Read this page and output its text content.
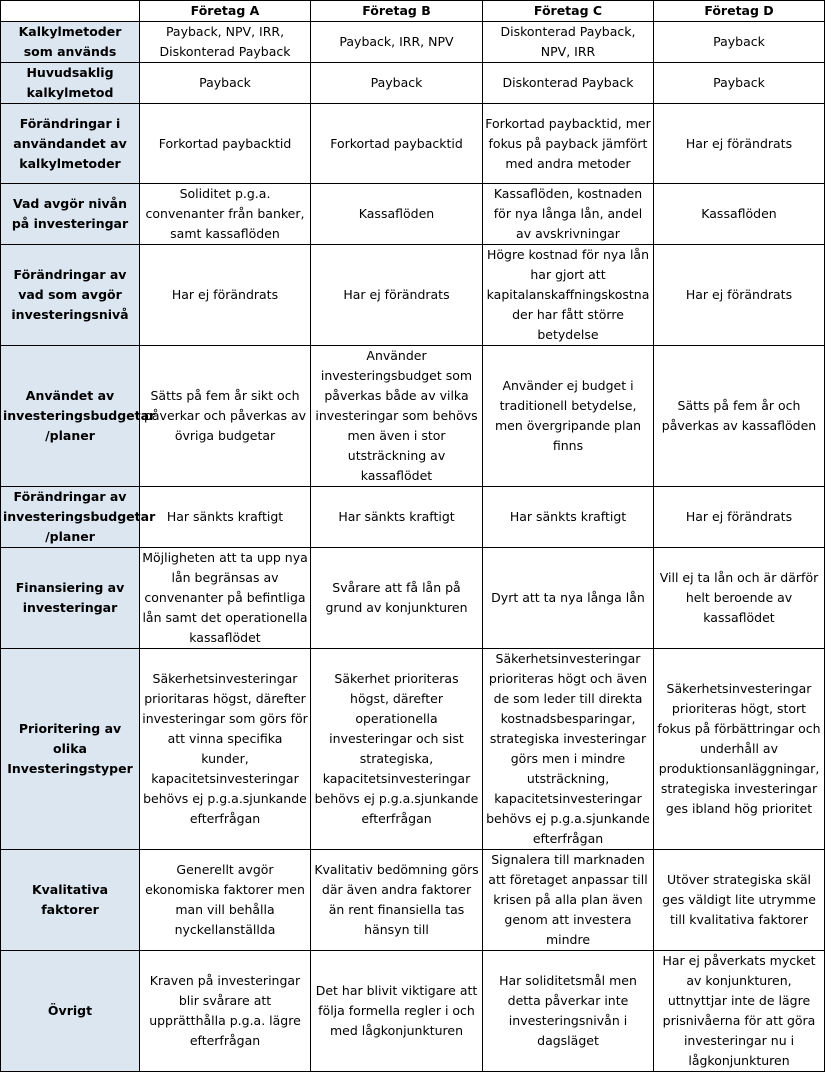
	Företag A	Företag B	Företag C	Företag D
Kalkylmetoder som används	Payback, NPV, IRR, Diskonterad Payback	Payback, IRR, NPV	Diskonterad Payback, NPV, IRR	Payback
Huvudsaklig kalkylmetod	Payback	Payback	Diskonterad Payback	Payback
Förändringar i användandet av kalkylmetoder	Forkortad paybacktid	Forkortad paybacktid	Forkortad paybacktid, mer fokus på payback jämfört med andra metoder	Har ej förändrats
Vad avgör nivån på investeringar	Soliditet p.g.a. convenanter från banker, samt kassaflöden	Kassaflöden	Kassaflöden, kostnaden för nya långa lån, andel av avskrivningar	Kassaflöden
Förändringar av vad som avgör investeringsnivå	Har ej förändrats	Har ej förändrats	Högre kostnad för nya lån har gjort att kapitalanskaffningskostna der har fått större betydelse	Har ej förändrats
Användet av investeringsbudgetar /planer	Sätts på fem år sikt och påverkar och påverkas av övriga budgetar	Använder investeringsbudget som påverkas både av vilka investeringar som behövs men även i stor utsträckning av kassaflödet	Använder ej budget i traditionell betydelse, men övergripande plan finns	Sätts på fem år och påverkas av kassaflöden
Förändringar av investeringsbudgetar /planer	Har sänkts kraftigt	Har sänkts kraftigt	Har sänkts kraftigt	Har ej förändrats
Finansiering av investeringar	Möjligheten att ta upp nya lån begränsas av convenanter på befintliga lån samt det operationella kassaflödet	Svårare att få lån på grund av konjunkturen	Dyrt att ta nya långa lån	Vill ej ta lån och är därför helt beroende av kassaflödet
Prioritering av olika Investeringstyper	Säkerhetsinvesteringar prioritaras högst, därefter investeringar som görs för att vinna specifika kunder, kapacitetsinvesteringar behövs ej p.g.a.sjunkande efterfrågan	Säkerhet prioriteras högst, därefter operationella investeringar och sist strategiska, kapacitetsinvesteringar behövs ej p.g.a.sjunkande efterfrågan	Säkerhetsinvesteringar prioriteras högt och även de som leder till direkta kostnadsbesparingar, strategiska investeringar görs men i mindre utsträckning, kapacitetsinvesteringar behövs ej p.g.a.sjunkande efterfrågan	Säkerhetsinvesteringar prioriteras högt, stort fokus på förbättringar och underhåll av produktionsanläggningar, strategiska investeringar ges ibland hög prioritet
Kvalitativa faktorer	Generellt avgör ekonomiska faktorer men man vill behålla nyckellanställda	Kvalitativ bedömning görs där även andra faktorer än rent finansiella tas hänsyn till	Signalera till marknaden att företaget anpassar till krisen på alla plan även genom att investera mindre	Utöver strategiska skäl ges väldigt lite utrymme till kvalitativa faktorer
Övrigt	Kraven på investeringar blir svårare att upprätthålla p.g.a. lägre efterfrågan	Det har blivit viktigare att följa formella regler i och med lågkonjunkturen	Har soliditetsmål men detta påverkar inte investeringsnivån i dagsläget	Har ej påverkats mycket av konjunkturen, uttnyttjar inte de lägre prisnivåerna för att göra investeringar nu i lågkonjunkturen
